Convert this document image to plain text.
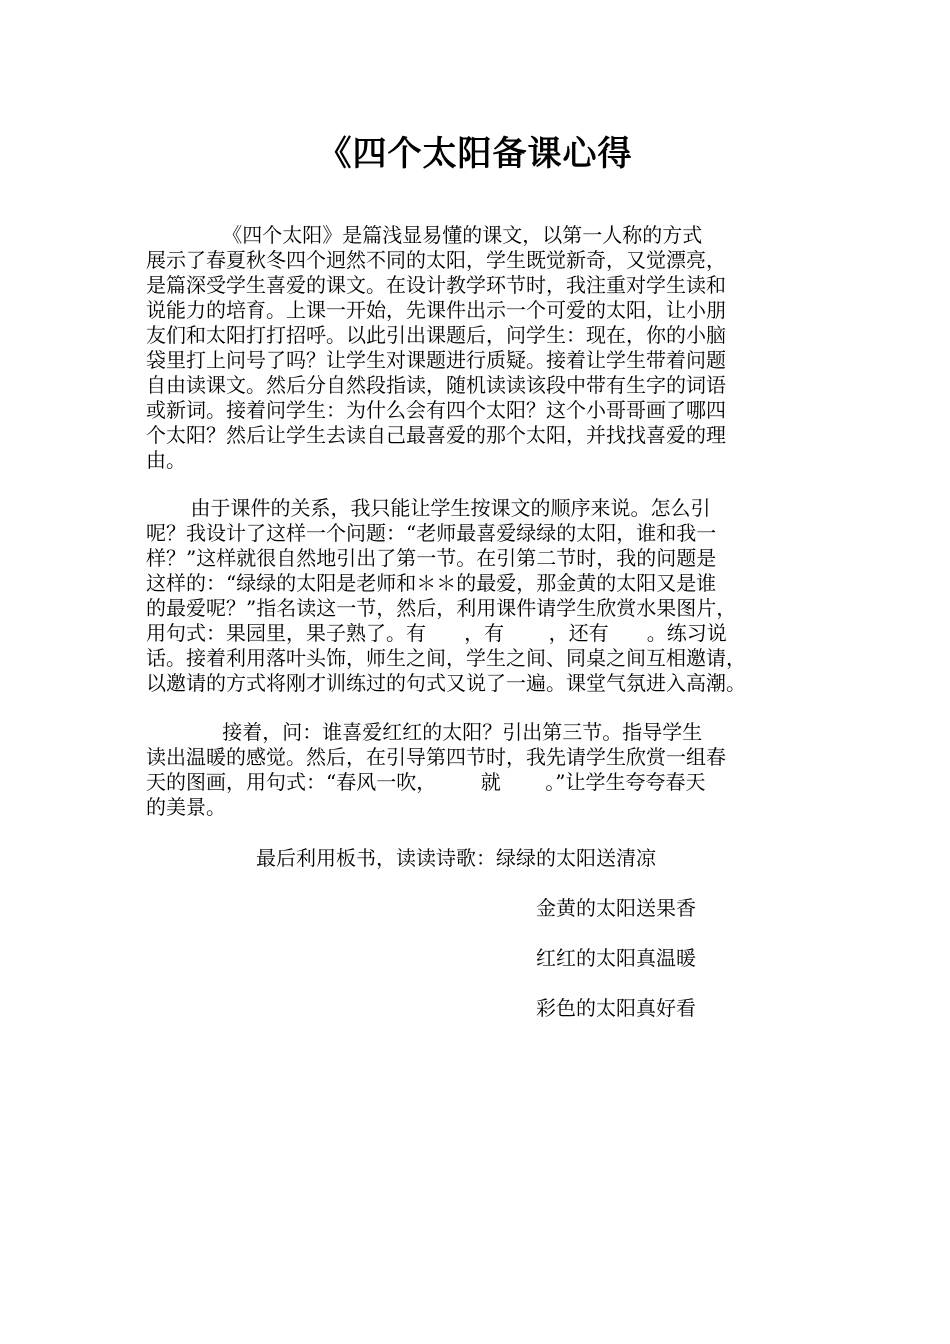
《四个太阳备课心得
《四个太阳》是篇浅显易懂的课文，以第一人称的方式
展示了春夏秋冬四个迥然不同的太阳，学生既觉新奇，又觉漂亮，
是篇深受学生喜爱的课文。在设计教学环节时，我注重对学生读和
说能力的培育。上课一开始，先课件出示一个可爱的太阳，让小朋
友们和太阳打打招呼。以此引出课题后，问学生：现在，你的小脑
袋里打上问号了吗？让学生对课题进行质疑。接着让学生带着问题
自由读课文。然后分自然段指读，随机读读该段中带有生字的词语
或新词。接着问学生：为什么会有四个太阳？这个小哥哥画了哪四
个太阳？然后让学生去读自己最喜爱的那个太阳，并找找喜爱的理
由。
由于课件的关系，我只能让学生按课文的顺序来说。怎么引
呢？我设计了这样一个问题：“老师最喜爱绿绿的太阳，谁和我一
样？”这样就很自然地引出了第一节。在引第二节时，我的问题是
这样的：“绿绿的太阳是老师和＊＊的最爱，那金黄的太阳又是谁
的最爱呢？”指名读这一节，然后，利用课件请学生欣赏水果图片，
用句式：果园里，果子熟了。有      ，有       ，还有      。练习说
话。接着利用落叶头饰，师生之间，学生之间、同桌之间互相邀请，
以邀请的方式将刚才训练过的句式又说了一遍。课堂气氛进入高潮。
接着，问：谁喜爱红红的太阳？引出第三节。指导学生
读出温暖的感觉。然后，在引导第四节时，我先请学生欣赏一组春
天的图画，用句式：“春风一吹，       就       。”让学生夸夸春天
的美景。
最后利用板书，读读诗歌：绿绿的太阳送清凉
金黄的太阳送果香
红红的太阳真温暖
彩色的太阳真好看
